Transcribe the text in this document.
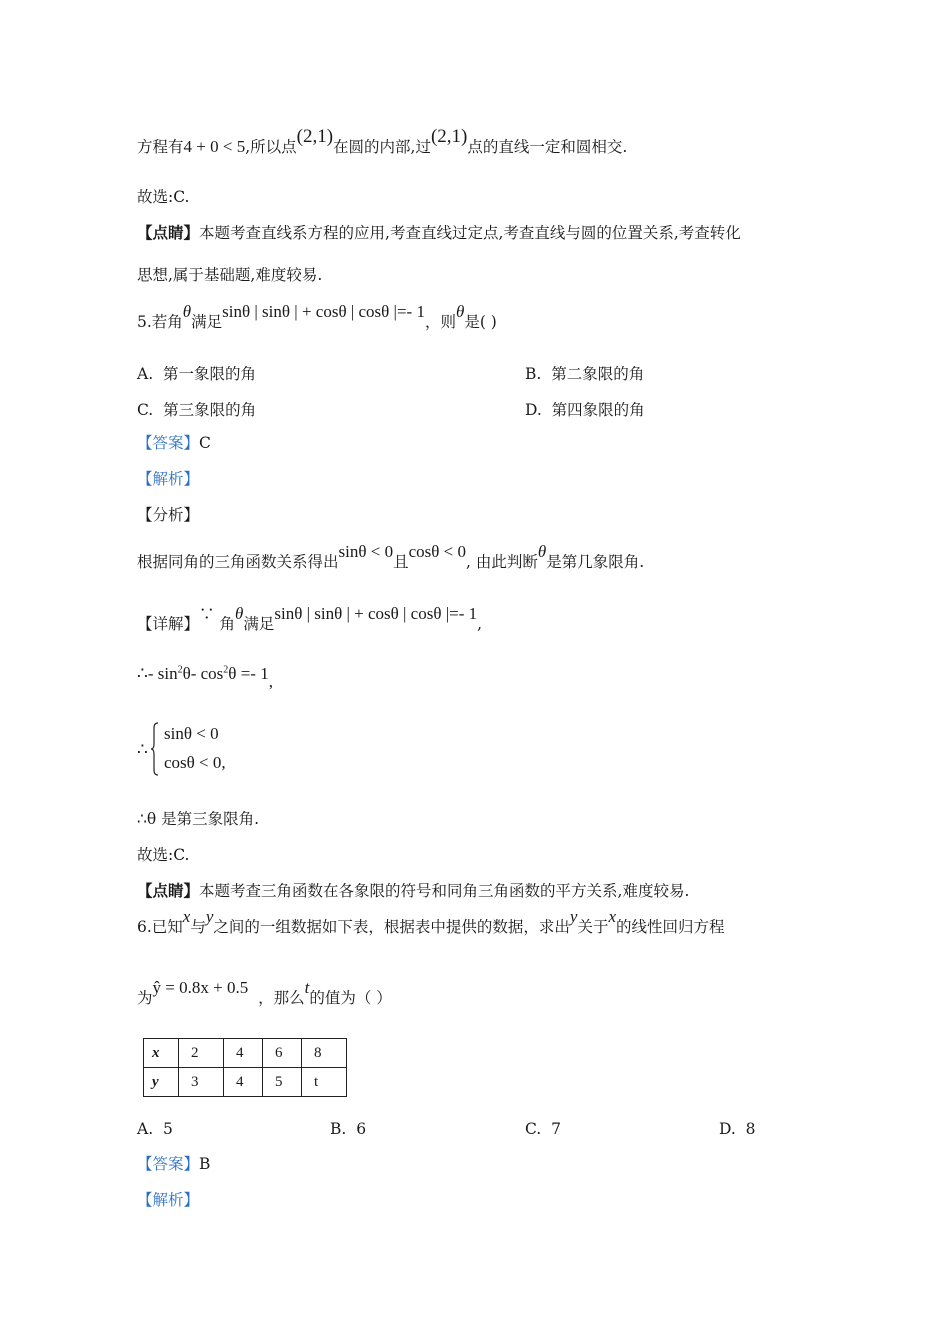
方程有4 + 0 < 5,所以点(2,1)在圆的内部,过(2,1)点的直线一定和圆相交.
故选:C.
【点睛】本题考查直线系方程的应用,考查直线过定点,考查直线与圆的位置关系,考查转化
思想,属于基础题,难度较易.
5.若角θ满足sinθ | sinθ | + cosθ | cosθ |=- 1，则θ是( )
A. 第一象限的角	B. 第二象限的角
C. 第三象限的角	D. 第四象限的角
【答案】C
【解析】
【分析】
根据同角的三角函数关系得出sinθ < 0且cosθ < 0, 由此判断θ是第几象限角.
【详解】∵ 角θ满足sinθ | sinθ | + cosθ | cosθ |=- 1,
∴- $\sin^2\theta-$ $\cos^2\theta =- 1$,
∴
sinθ < 0
cosθ < 0,
∴θ 是第三象限角.
故选:C.
【点睛】本题考查三角函数在各象限的符号和同角三角函数的平方关系,难度较易.
6.已知x与y之间的一组数据如下表，根据表中提供的数据，求出y关于x的线性回归方程
为ŷ = 0.8x + 0.5  ，那么t的值为（ ）
x	2	4	6	8
y	3	4	5	t
A. 5	B. 6	C. 7	D. 8
【答案】B
【解析】
